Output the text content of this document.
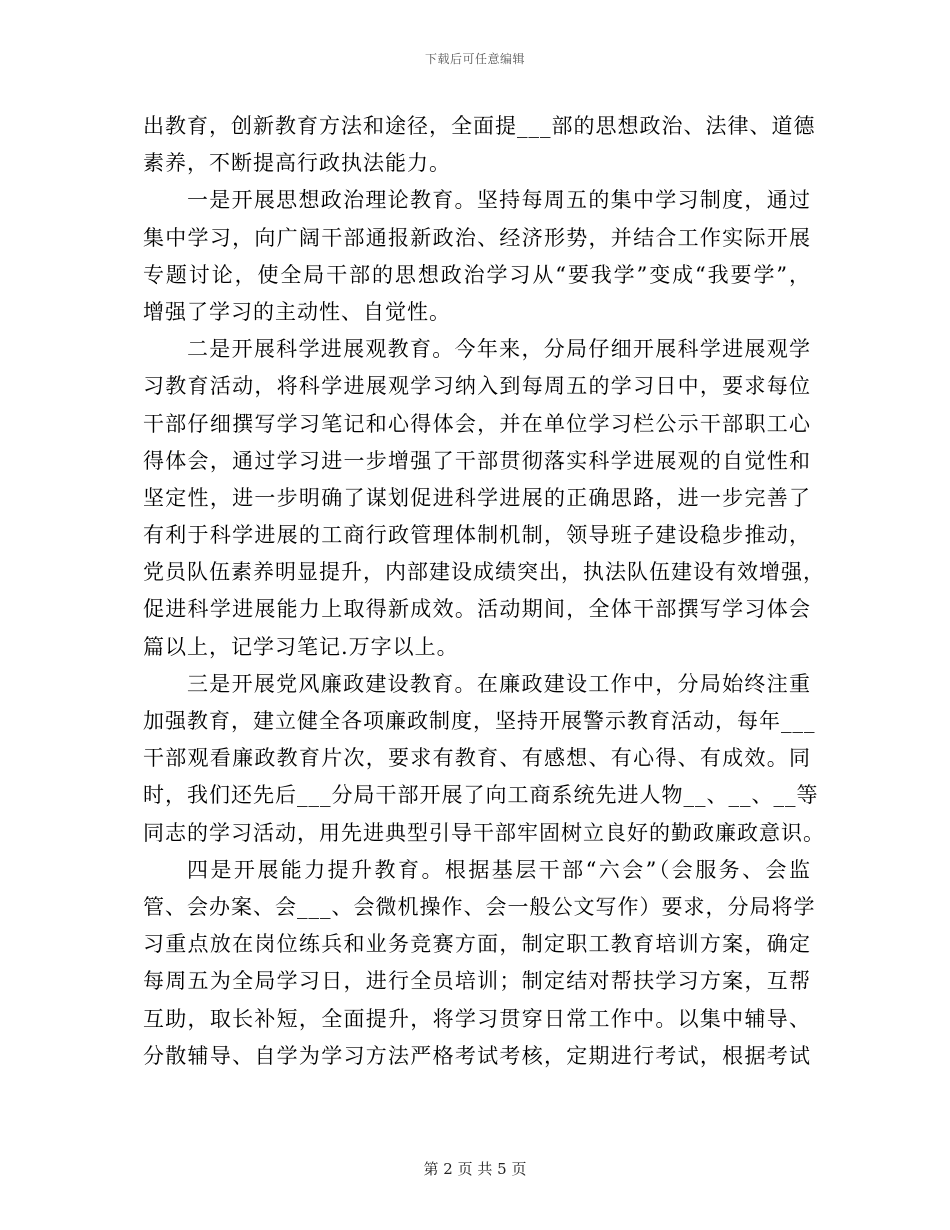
下载后可任意编辑
出教育，创新教育方法和途径，全面提___部的思想政治、法律、道德
素养，不断提高行政执法能力。
一是开展思想政治理论教育。坚持每周五的集中学习制度，通过
集中学习，向广阔干部通报新政治、经济形势，并结合工作实际开展
专题讨论，使全局干部的思想政治学习从“要我学”变成“我要学”，
增强了学习的主动性、自觉性。
二是开展科学进展观教育。今年来，分局仔细开展科学进展观学
习教育活动，将科学进展观学习纳入到每周五的学习日中，要求每位
干部仔细撰写学习笔记和心得体会，并在单位学习栏公示干部职工心
得体会，通过学习进一步增强了干部贯彻落实科学进展观的自觉性和
坚定性，进一步明确了谋划促进科学进展的正确思路，进一步完善了
有利于科学进展的工商行政管理体制机制，领导班子建设稳步推动，
党员队伍素养明显提升，内部建设成绩突出，执法队伍建设有效增强，
促进科学进展能力上取得新成效。活动期间，全体干部撰写学习体会
篇以上，记学习笔记.万字以上。
三是开展党风廉政建设教育。在廉政建设工作中，分局始终注重
加强教育，建立健全各项廉政制度，坚持开展警示教育活动，每年___
干部观看廉政教育片次，要求有教育、有感想、有心得、有成效。同
时，我们还先后___分局干部开展了向工商系统先进人物__、__、__等
同志的学习活动，用先进典型引导干部牢固树立良好的勤政廉政意识。
四是开展能力提升教育。根据基层干部“六会”（会服务、会监
管、会办案、会___、会微机操作、会一般公文写作）要求，分局将学
习重点放在岗位练兵和业务竞赛方面，制定职工教育培训方案，确定
每周五为全局学习日，进行全员培训；制定结对帮扶学习方案，互帮
互助，取长补短，全面提升，将学习贯穿日常工作中。以集中辅导、
分散辅导、自学为学习方法严格考试考核，定期进行考试，根据考试
第 2 页 共 5 页
